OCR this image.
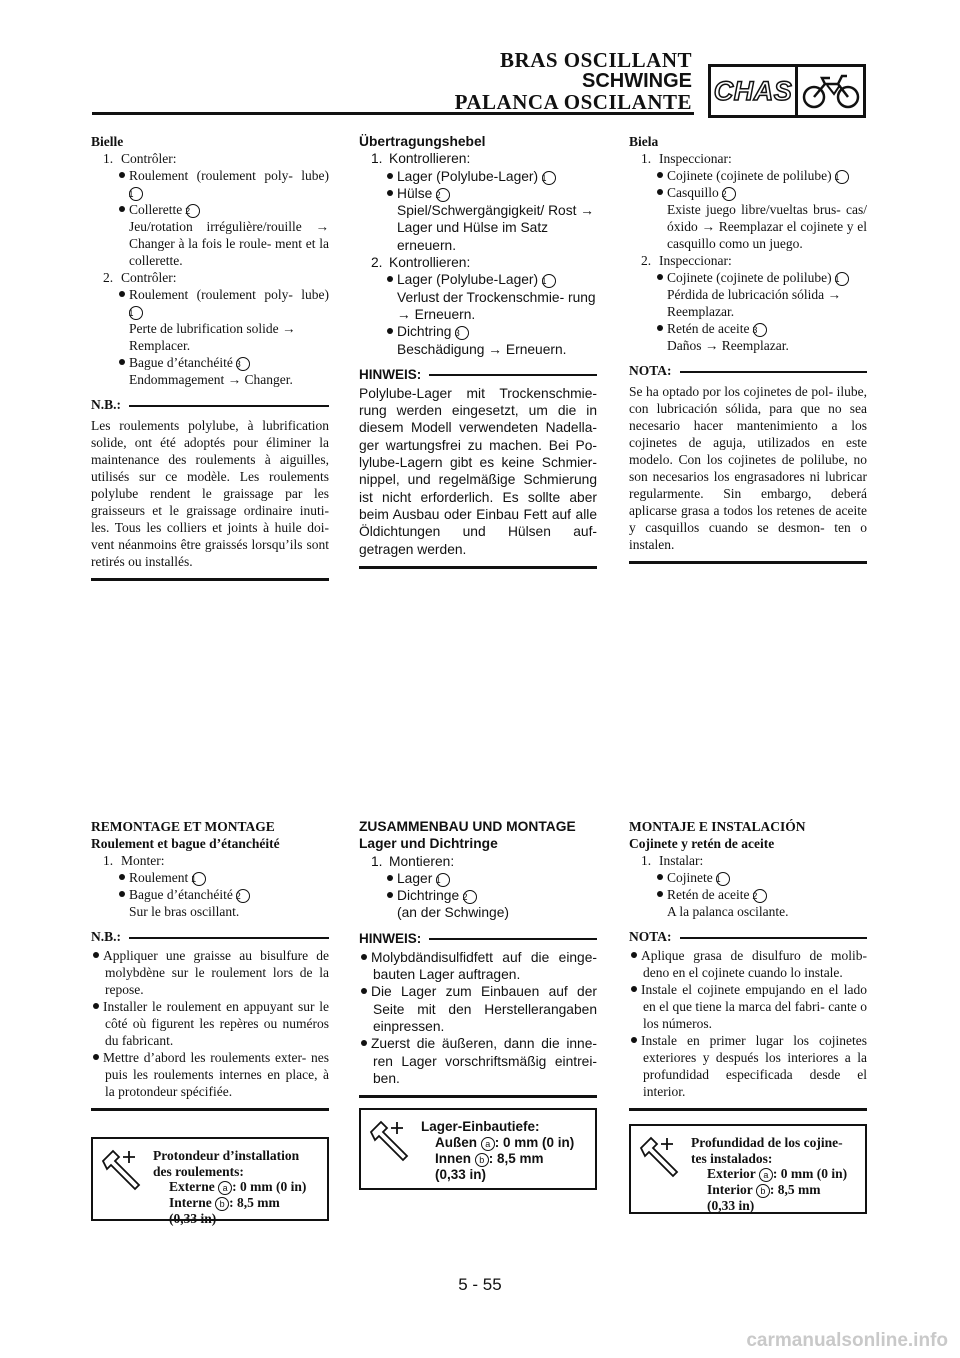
BRAS OSCILLANT
SCHWINGE
PALANCA OSCILANTE CHAS

Bielle

1. Contrôler:

Roulement (roulement poly- lube) 1

Collerette 2

Jeu/rotation irrégulière/rouille → Changer à la fois le roule- ment et la collerette.

2. Contrôler:

Roulement (roulement poly- lube) 1

Perte de lubrification solide → Remplacer.

Bague d’étanchéité 3

Endommagement → Changer.

N.B.:

Les roulements polylube, à lubrification solide, ont été adoptés pour éliminer la maintenance des roulements à aiguilles, utilisés sur ce modèle. Les roulements polylube rendent le graissage par les graisseurs et le graissage ordinaire inuti- les. Tous les colliers et joints à huile doi- vent néanmoins être graissés lorsqu’ils sont retirés ou installés.

Übertragungshebel

1. Kontrollieren:

Lager (Polylube-Lager) 1

Hülse 2

Spiel/Schwergängigkeit/ Rost → Lager und Hülse im Satz erneuern.

2. Kontrollieren:

Lager (Polylube-Lager) 1

Verlust der Trockenschmie- rung → Erneuern.

Dichtring 3

Beschädigung → Erneuern.

HINWEIS:

Polylube-Lager mit Trockenschmie- rung werden eingesetzt, um die in diesem Modell verwendeten Nadella- ger wartungsfrei zu machen. Bei Po- lylube-Lagern gibt es keine Schmier- nippel, und regelmäßige Schmierung ist nicht erforderlich. Es sollte aber beim Ausbau oder Einbau Fett auf alle Öldichtungen und Hülsen auf- getragen werden.

Biela

1. Inspeccionar:

Cojinete (cojinete de polilube) 1

Casquillo 2

Existe juego libre/vueltas brus- cas/óxido → Reemplazar el cojinete y el casquillo como un juego.

2. Inspeccionar:

Cojinete (cojinete de polilube) 1

Pérdida de lubricación sólida → Reemplazar.

Retén de aceite 3

Daños → Reemplazar.

NOTA:

Se ha optado por los cojinetes de pol- ilube, con lubricación sólida, para que no sea necesario hacer mantenimiento a los cojinetes de aguja, utilizados en este modelo. Con los cojinetes de polilube, no son necesarios los engrasadores ni lubricar regularmente. Sin embargo, deberá aplicarse grasa a todos los retenes de aceite y casquillos cuando se desmon- ten o instalen.

REMONTAGE ET MONTAGE

Roulement et bague d’étanchéité

1. Monter:

Roulement 1

Bague d’étanchéité 2

Sur le bras oscillant.

N.B.:

Appliquer une graisse au bisulfure de molybdène sur le roulement lors de la repose.

Installer le roulement en appuyant sur le côté où figurent les repères ou numéros du fabricant.

Mettre d’abord les roulements exter- nes puis les roulements internes en place, à la protondeur spécifiée.

Protondeur d’installation des roulements:
Externe a : 0 mm (0 in)
Interne b : 8,5 mm
(0,33 in)

ZUSAMMENBAU UND MONTAGE

Lager und Dichtringe

1. Montieren:

Lager 1

Dichtringe 2

(an der Schwinge)

HINWEIS:

Molybdändisulfidfett auf die einge- bauten Lager auftragen.

Die Lager zum Einbauen auf der Seite mit den Herstellerangaben einpressen.

Zuerst die äußeren, dann die inne- ren Lager vorschriftsmäßig eintrei- ben.

Lager-Einbautiefe:
Außen a : 0 mm (0 in)
Innen b : 8,5 mm
(0,33 in)

MONTAJE E INSTALACIÓN

Cojinete y retén de aceite

1. Instalar:

Cojinete 1

Retén de aceite 2

A la palanca oscilante.

NOTA:

Aplique grasa de disulfuro de molib- deno en el cojinete cuando lo instale.

Instale el cojinete empujando en el lado en el que tiene la marca del fabri- cante o los números.

Instale en primer lugar los cojinetes exteriores y después los interiores a la profundidad especificada desde el interior.

Profundidad de los cojine- tes instalados:
Exterior a : 0 mm (0 in)
Interior b : 8,5 mm
(0,33 in)
5 - 55
carmanualsonline.info
